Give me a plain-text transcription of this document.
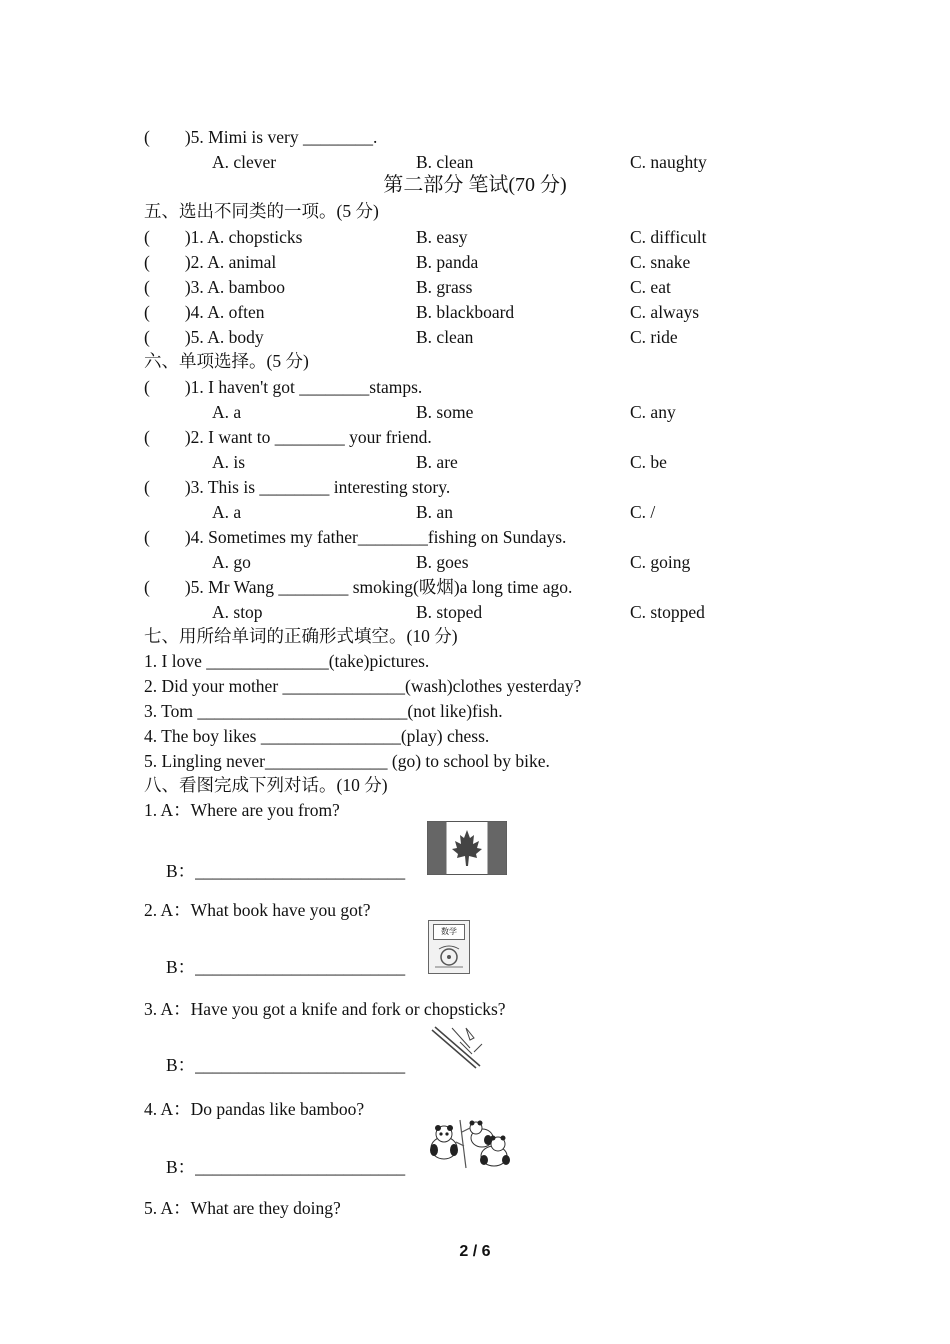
(        )5. Mimi is very ________.
A. clever	B. clean	C. naughty
第二部分 笔试(70 分)
五、选出不同类的一项。(5 分)
(        )1. A. chopsticks	B. easy	C. difficult
(        )2. A. animal	B. panda	C. snake
(        )3. A. bamboo	B. grass	C. eat
(        )4. A. often	B. blackboard	C. always
(        )5. A. body	B. clean	C. ride
六、单项选择。(5 分)
(        )1. I haven't got ________stamps.
A. a	B. some	C. any
(        )2. I want to ________ your friend.
A. is	B. are	C. be
(        )3. This is ________ interesting story.
A. a	B. an	C. /
(        )4. Sometimes my father________fishing on Sundays.
A. go	B. goes	C. going
(        )5. Mr Wang ________ smoking(吸烟)a long time ago.
A. stop	B. stoped	C. stopped
七、用所给单词的正确形式填空。(10 分)
1. I love ______________(take)pictures.
2. Did your mother ______________(wash)clothes yesterday?
3. Tom ________________________(not like)fish.
4. The boy likes ________________(play) chess.
5. Lingling never______________ (go) to school by bike.
八、看图完成下列对话。(10 分)
1. A：Where are you from?
B：________________________
2. A：What book have you got?
B：________________________
数学
3. A：Have you got a knife and fork or chopsticks?
B：________________________
4. A：Do pandas like bamboo?
B：________________________
5. A：What are they doing?
2 / 6
